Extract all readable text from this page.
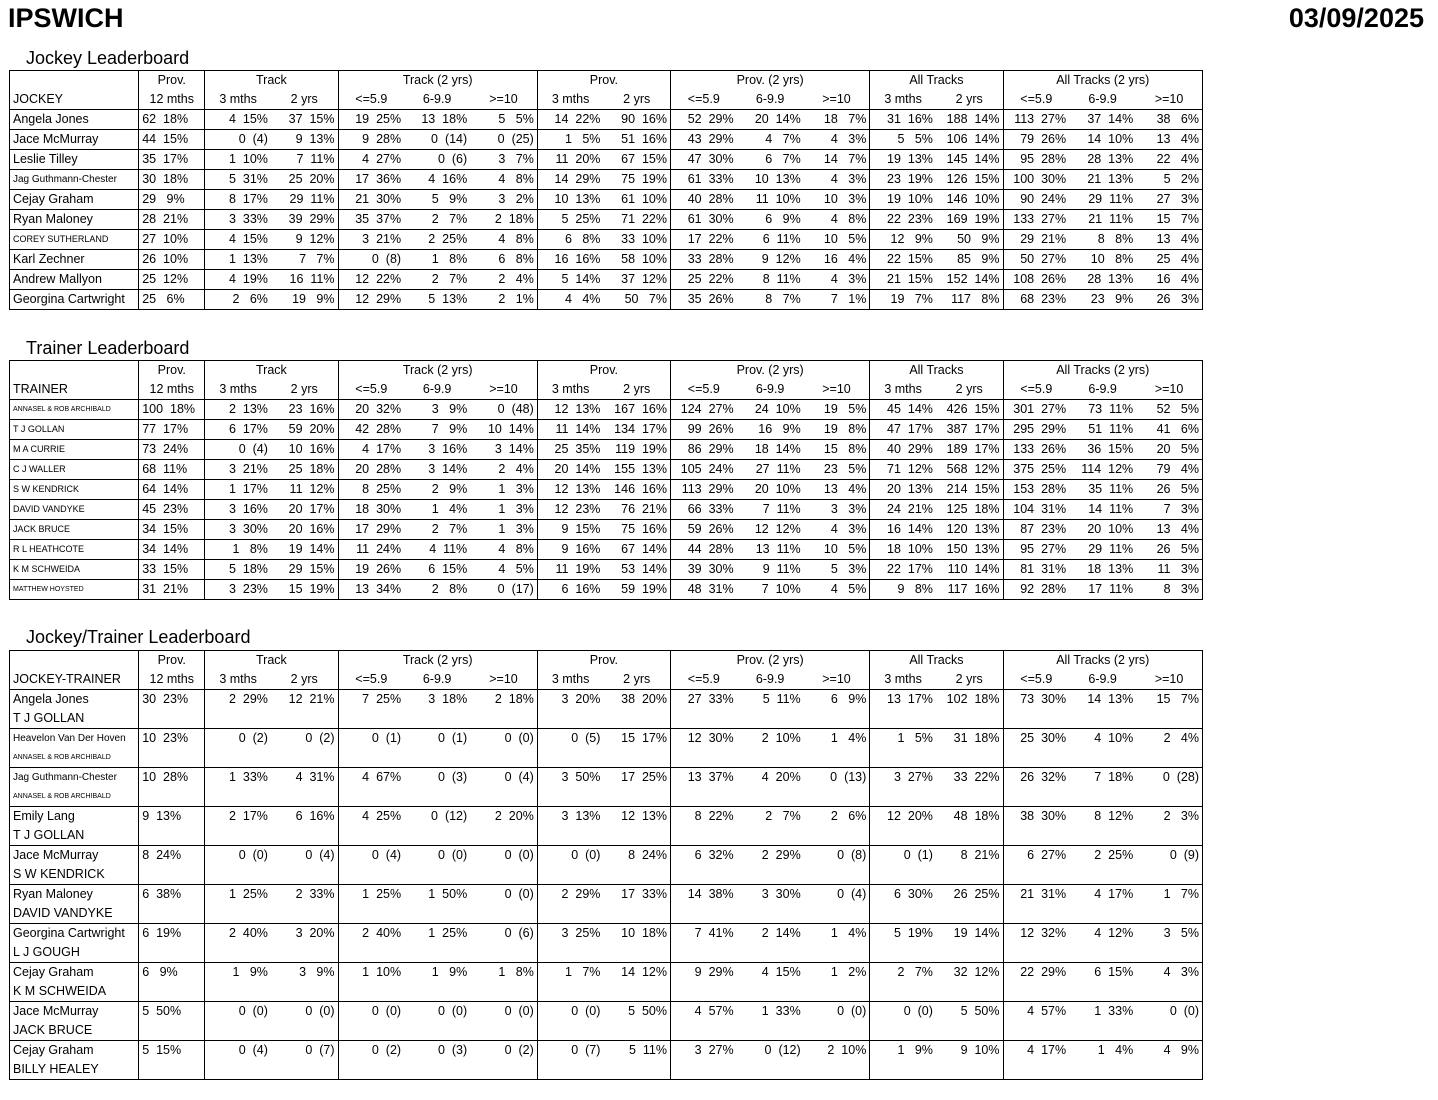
IPSWICH	03/09/2025
Jockey Leaderboard
	Prov.	Track		Track (2 yrs)			Prov.		Prov. (2 yrs)			All Tracks		All Tracks (2 yrs)		
JOCKEY	12 mths	3 mths	2 yrs	<=5.9	6-9.9	>=10	3 mths	2 yrs	<=5.9	6-9.9	>=10	3 mths	2 yrs	<=5.9	6-9.9	>=10
Angela Jones	62  18%	4  15%	37  15%	19  25%	13  18%	5   5%	14  22%	90  16%	52  29%	20  14%	18   7%	31  16%	188  14%	113  27%	37  14%	38   6%
Jace McMurray	44  15%	0  (4)	9  13%	9  28%	0  (14)	0  (25)	1   5%	51  16%	43  29%	4   7%	4   3%	5   5%	106  14%	79  26%	14  10%	13   4%
Leslie Tilley	35  17%	1  10%	7  11%	4  27%	0  (6)	3   7%	11  20%	67  15%	47  30%	6   7%	14   7%	19  13%	145  14%	95  28%	28  13%	22   4%
Jag Guthmann-Chester	30  18%	5  31%	25  20%	17  36%	4  16%	4   8%	14  29%	75  19%	61  33%	10  13%	4   3%	23  19%	126  15%	100  30%	21  13%	5   2%
Cejay Graham	29   9%	8  17%	29  11%	21  30%	5   9%	3   2%	10  13%	61  10%	40  28%	11  10%	10   3%	19  10%	146  10%	90  24%	29  11%	27   3%
Ryan Maloney	28  21%	3  33%	39  29%	35  37%	2   7%	2  18%	5  25%	71  22%	61  30%	6   9%	4   8%	22  23%	169  19%	133  27%	21  11%	15   7%
COREY SUTHERLAND	27  10%	4  15%	9  12%	3  21%	2  25%	4   8%	6   8%	33  10%	17  22%	6  11%	10   5%	12   9%	50   9%	29  21%	8   8%	13   4%
Karl Zechner	26  10%	1  13%	7   7%	0  (8)	1   8%	6   8%	16  16%	58  10%	33  28%	9  12%	16   4%	22  15%	85   9%	50  27%	10   8%	25   4%
Andrew Mallyon	25  12%	4  19%	16  11%	12  22%	2   7%	2   4%	5  14%	37  12%	25  22%	8  11%	4   3%	21  15%	152  14%	108  26%	28  13%	16   4%
Georgina Cartwright	25   6%	2   6%	19   9%	12  29%	5  13%	2   1%	4   4%	50   7%	35  26%	8   7%	7   1%	19   7%	117   8%	68  23%	23   9%	26   3%
Trainer Leaderboard
	Prov.	Track		Track (2 yrs)			Prov.		Prov. (2 yrs)			All Tracks		All Tracks (2 yrs)		
TRAINER	12 mths	3 mths	2 yrs	<=5.9	6-9.9	>=10	3 mths	2 yrs	<=5.9	6-9.9	>=10	3 mths	2 yrs	<=5.9	6-9.9	>=10
ANNASEL & ROB ARCHIBALD	100  18%	2  13%	23  16%	20  32%	3   9%	0  (48)	12  13%	167  16%	124  27%	24  10%	19   5%	45  14%	426  15%	301  27%	73  11%	52   5%
T J GOLLAN	77  17%	6  17%	59  20%	42  28%	7   9%	10  14%	11  14%	134  17%	99  26%	16   9%	19   8%	47  17%	387  17%	295  29%	51  11%	41   6%
M A CURRIE	73  24%	0  (4)	10  16%	4  17%	3  16%	3  14%	25  35%	119  19%	86  29%	18  14%	15   8%	40  29%	189  17%	133  26%	36  15%	20   5%
C J WALLER	68  11%	3  21%	25  18%	20  28%	3  14%	2   4%	20  14%	155  13%	105  24%	27  11%	23   5%	71  12%	568  12%	375  25%	114  12%	79   4%
S W KENDRICK	64  14%	1  17%	11  12%	8  25%	2   9%	1   3%	12  13%	146  16%	113  29%	20  10%	13   4%	20  13%	214  15%	153  28%	35  11%	26   5%
DAVID VANDYKE	45  23%	3  16%	20  17%	18  30%	1   4%	1   3%	12  23%	76  21%	66  33%	7  11%	3   3%	24  21%	125  18%	104  31%	14  11%	7   3%
JACK BRUCE	34  15%	3  30%	20  16%	17  29%	2   7%	1   3%	9  15%	75  16%	59  26%	12  12%	4   3%	16  14%	120  13%	87  23%	20  10%	13   4%
R L HEATHCOTE	34  14%	1   8%	19  14%	11  24%	4  11%	4   8%	9  16%	67  14%	44  28%	13  11%	10   5%	18  10%	150  13%	95  27%	29  11%	26   5%
K M SCHWEIDA	33  15%	5  18%	29  15%	19  26%	6  15%	4   5%	11  19%	53  14%	39  30%	9  11%	5   3%	22  17%	110  14%	81  31%	18  13%	11   3%
MATTHEW HOYSTED	31  21%	3  23%	15  19%	13  34%	2   8%	0  (17)	6  16%	59  19%	48  31%	7  10%	4   5%	9   8%	117  16%	92  28%	17  11%	8   3%
Jockey/Trainer Leaderboard
	Prov.	Track		Track (2 yrs)			Prov.		Prov. (2 yrs)			All Tracks		All Tracks (2 yrs)		
JOCKEY-TRAINER	12 mths	3 mths	2 yrs	<=5.9	6-9.9	>=10	3 mths	2 yrs	<=5.9	6-9.9	>=10	3 mths	2 yrs	<=5.9	6-9.9	>=10
Angela Jones	30  23%	2  29%	12  21%	7  25%	3  18%	2  18%	3  20%	38  20%	27  33%	5  11%	6   9%	13  17%	102  18%	73  30%	14  13%	15   7%
T J GOLLAN																
Heavelon Van Der Hoven	10  23%	0  (2)	0  (2)	0  (1)	0  (1)	0  (0)	0  (5)	15  17%	12  30%	2  10%	1   4%	1   5%	31  18%	25  30%	4  10%	2   4%
ANNASEL & ROB ARCHIBALD																
Jag Guthmann-Chester	10  28%	1  33%	4  31%	4  67%	0  (3)	0  (4)	3  50%	17  25%	13  37%	4  20%	0  (13)	3  27%	33  22%	26  32%	7  18%	0  (28)
ANNASEL & ROB ARCHIBALD																
Emily Lang	9  13%	2  17%	6  16%	4  25%	0  (12)	2  20%	3  13%	12  13%	8  22%	2   7%	2   6%	12  20%	48  18%	38  30%	8  12%	2   3%
T J GOLLAN																
Jace McMurray	8  24%	0  (0)	0  (4)	0  (4)	0  (0)	0  (0)	0  (0)	8  24%	6  32%	2  29%	0  (8)	0  (1)	8  21%	6  27%	2  25%	0  (9)
S W KENDRICK																
Ryan Maloney	6  38%	1  25%	2  33%	1  25%	1  50%	0  (0)	2  29%	17  33%	14  38%	3  30%	0  (4)	6  30%	26  25%	21  31%	4  17%	1   7%
DAVID VANDYKE																
Georgina Cartwright	6  19%	2  40%	3  20%	2  40%	1  25%	0  (6)	3  25%	10  18%	7  41%	2  14%	1   4%	5  19%	19  14%	12  32%	4  12%	3   5%
L J GOUGH																
Cejay Graham	6   9%	1   9%	3   9%	1  10%	1   9%	1   8%	1   7%	14  12%	9  29%	4  15%	1   2%	2   7%	32  12%	22  29%	6  15%	4   3%
K M SCHWEIDA																
Jace McMurray	5  50%	0  (0)	0  (0)	0  (0)	0  (0)	0  (0)	0  (0)	5  50%	4  57%	1  33%	0  (0)	0  (0)	5  50%	4  57%	1  33%	0  (0)
JACK BRUCE																
Cejay Graham	5  15%	0  (4)	0  (7)	0  (2)	0  (3)	0  (2)	0  (7)	5  11%	3  27%	0  (12)	2  10%	1   9%	9  10%	4  17%	1   4%	4   9%
BILLY HEALEY																
